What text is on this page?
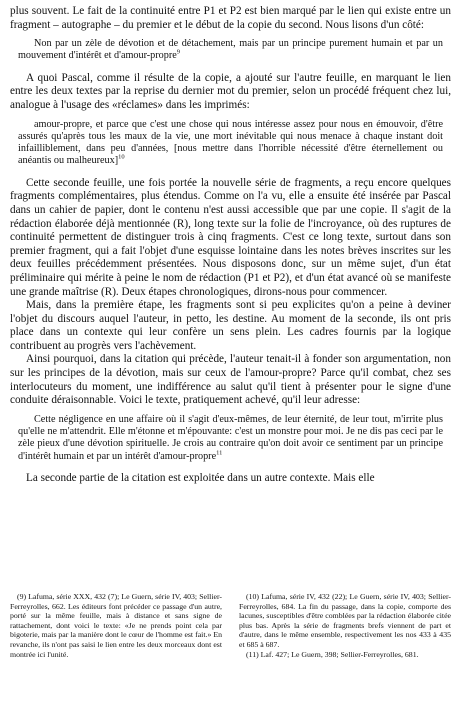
plus souvent. Le fait de la continuité entre P1 et P2 est bien marqué par le lien qui existe entre un fragment – autographe – du premier et le début de la copie du second. Nous lisons d'un côté:

Non par un zèle de dévotion et de détachement, mais par un principe purement humain et par un mouvement d'intérêt et d'amour-propre$^9$

A quoi Pascal, comme il résulte de la copie, a ajouté sur l'autre feuille, en marquant le lien entre les deux textes par la reprise du dernier mot du premier, selon un procédé fréquent chez lui, analogue à l'usage des «réclames» dans les imprimés:

amour-propre, et parce que c'est une chose qui nous intéresse assez pour nous en émouvoir, d'être assurés qu'après tous les maux de la vie, une mort inévitable qui nous menace à chaque instant doit infailliblement, dans peu d'années, [nous mettre dans l'horrible nécessité d'être éternellement ou anéantis ou malheureux]$^{10}$

Cette seconde feuille, une fois portée la nouvelle série de fragments, a reçu encore quelques fragments complémentaires, plus étendus. Comme on l'a vu, elle a ensuite été insérée par Pascal dans un cahier de papier, dont le contenu n'est aussi accessible que par une copie. Il s'agit de la rédaction élaborée déjà mentionnée (R), long texte sur la folie de l'incroyance, où des ruptures de continuité permettent de distinguer trois à cinq fragments. C'est ce long texte, surtout dans son premier fragment, qui a fait l'objet d'une esquisse lointaine dans les notes brèves inscrites sur les deux feuilles précédemment présentées. Nous disposons donc, sur un même sujet, d'un état préliminaire qui mérite à peine le nom de rédaction (P1 et P2), et d'un état avancé où se manifeste une grande maîtrise (R). Deux étapes chronologiques, dirons-nous pour commencer.

Mais, dans la première étape, les fragments sont si peu explicites qu'on a peine à deviner l'objet du discours auquel l'auteur, in petto, les destine. Au moment de la seconde, ils ont pris place dans un contexte qui leur confère un sens plein. Les cadres fournis par la logique contribuent au progrès vers l'achèvement.

Ainsi pourquoi, dans la citation qui précède, l'auteur tenait-il à fonder son argumentation, non sur les principes de la dévotion, mais sur ceux de l'amour-propre? Parce qu'il combat, chez ses interlocuteurs du moment, une indifférence au salut qu'il tient à présenter pour le signe d'une conduite déraisonnable. Voici le texte, pratiquement achevé, qu'il leur adresse:

Cette négligence en une affaire où il s'agit d'eux-mêmes, de leur éternité, de leur tout, m'irrite plus qu'elle ne m'attendrit. Elle m'étonne et m'épouvante: c'est un monstre pour moi. Je ne dis pas ceci par le zèle pieux d'une dévotion spirituelle. Je crois au contraire qu'on doit avoir ce sentiment par un principe d'intérêt humain et par un intérêt d'amour-propre$^{11}$

La seconde partie de la citation est exploitée dans un autre contexte. Mais elle

(9) Lafuma, série XXX, 432 (7); Le Guern, série IV, 403; Sellier-Ferreyrolles, 662. Les éditeurs font précéder ce passage d'un autre, porté sur la même feuille, mais à distance et sans signe de rattachement, dont voici le texte: «Je ne prends point cela par bigoterie, mais par la manière dont le cœur de l'homme est fait.» En revanche, ils n'ont pas saisi le lien entre les deux morceaux dont est montrée ici l'unité.

(10) Lafuma, série IV, 432 (22); Le Guern, série IV, 403; Sellier-Ferreyrolles, 684. La fin du passage, dans la copie, comporte des lacunes, susceptibles d'être comblées par la rédaction élaborée citée plus bas. Après la série de fragments brefs viennent de part et d'autre, dans le même ensemble, respectivement les nos 433 à 435 et 685 à 687.

(11) Laf. 427; Le Guern, 398; Sellier-Ferreyrolles, 681.
